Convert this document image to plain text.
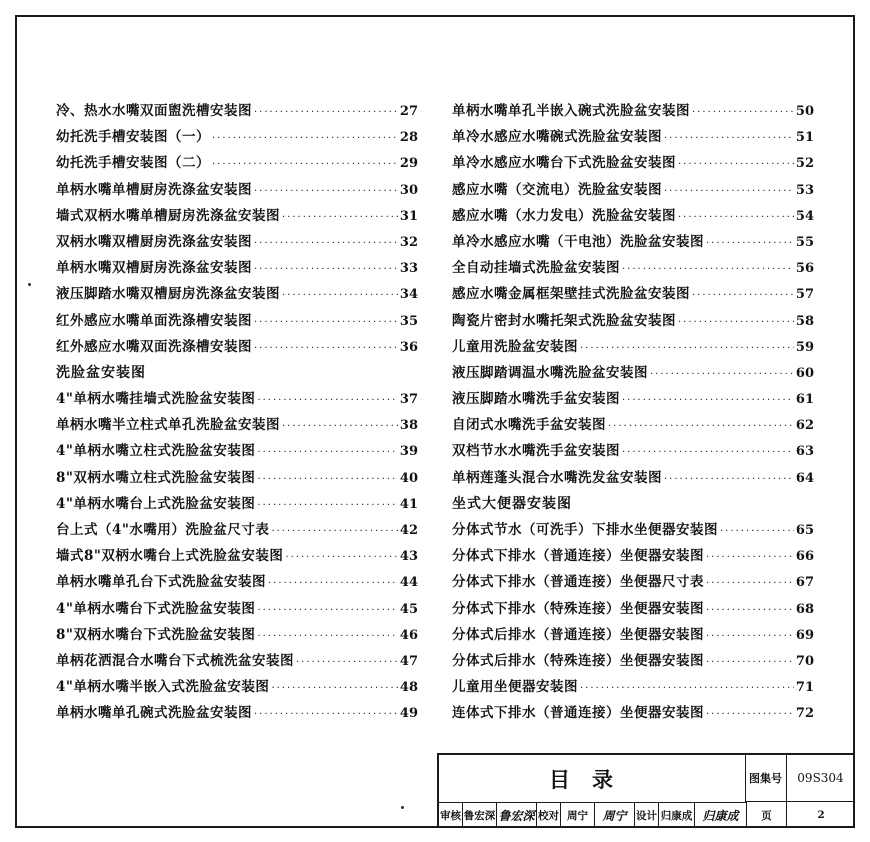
冷、热水水嘴双面盥洗槽安装图 ·····	27
幼托洗手槽安装图（一） ·····	28
幼托洗手槽安装图（二） ·····	29
单柄水嘴单槽厨房洗涤盆安装图 ·····	30
墙式双柄水嘴单槽厨房洗涤盆安装图 ·····	31
双柄水嘴双槽厨房洗涤盆安装图 ·····	32
单柄水嘴双槽厨房洗涤盆安装图 ·····	33
液压脚踏水嘴双槽厨房洗涤盆安装图 ·····	34
红外感应水嘴单面洗涤槽安装图 ·····	35
红外感应水嘴双面洗涤槽安装图 ·····	36
洗脸盆安装图
4"单柄水嘴挂墙式洗脸盆安装图 ·····	37
单柄水嘴半立柱式单孔洗脸盆安装图 ·····	38
4"单柄水嘴立柱式洗脸盆安装图 ·····	39
8"双柄水嘴立柱式洗脸盆安装图 ·····	40
4"单柄水嘴台上式洗脸盆安装图 ·····	41
台上式（4"水嘴用）洗脸盆尺寸表 ·····	42
墙式8"双柄水嘴台上式洗脸盆安装图 ·····	43
单柄水嘴单孔台下式洗脸盆安装图 ·····	44
4"单柄水嘴台下式洗脸盆安装图 ·····	45
8"双柄水嘴台下式洗脸盆安装图 ·····	46
单柄花洒混合水嘴台下式梳洗盆安装图 ·····	47
4"单柄水嘴半嵌入式洗脸盆安装图 ·····	48
单柄水嘴单孔碗式洗脸盆安装图 ·····	49
单柄水嘴单孔半嵌入碗式洗脸盆安装图 ·····	50
单冷水感应水嘴碗式洗脸盆安装图 ·····	51
单冷水感应水嘴台下式洗脸盆安装图 ·····	52
感应水嘴（交流电）洗脸盆安装图 ·····	53
感应水嘴（水力发电）洗脸盆安装图 ·····	54
单冷水感应水嘴（干电池）洗脸盆安装图 ·····	55
全自动挂墙式洗脸盆安装图 ·····	56
感应水嘴金属框架壁挂式洗脸盆安装图 ·····	57
陶瓷片密封水嘴托架式洗脸盆安装图 ·····	58
儿童用洗脸盆安装图 ·····	59
液压脚踏调温水嘴洗脸盆安装图 ·····	60
液压脚踏水嘴洗手盆安装图 ·····	61
自闭式水嘴洗手盆安装图 ·····	62
双档节水水嘴洗手盆安装图 ·····	63
单柄莲蓬头混合水嘴洗发盆安装图 ·····	64
坐式大便器安装图
分体式节水（可洗手）下排水坐便器安装图 ·····	65
分体式下排水（普通连接）坐便器安装图 ·····	66
分体式下排水（普通连接）坐便器尺寸表 ·····	67
分体式下排水（特殊连接）坐便器安装图 ·····	68
分体式后排水（普通连接）坐便器安装图 ·····	69
分体式后排水（特殊连接）坐便器安装图 ·····	70
儿童用坐便器安装图 ·····	71
连体式下排水（普通连接）坐便器安装图 ·····	72
目录	图集号	09S304
审核 鲁宏深 鲁宏深 校对 周宁	周宁 设计 归康成 归康成	页	2
